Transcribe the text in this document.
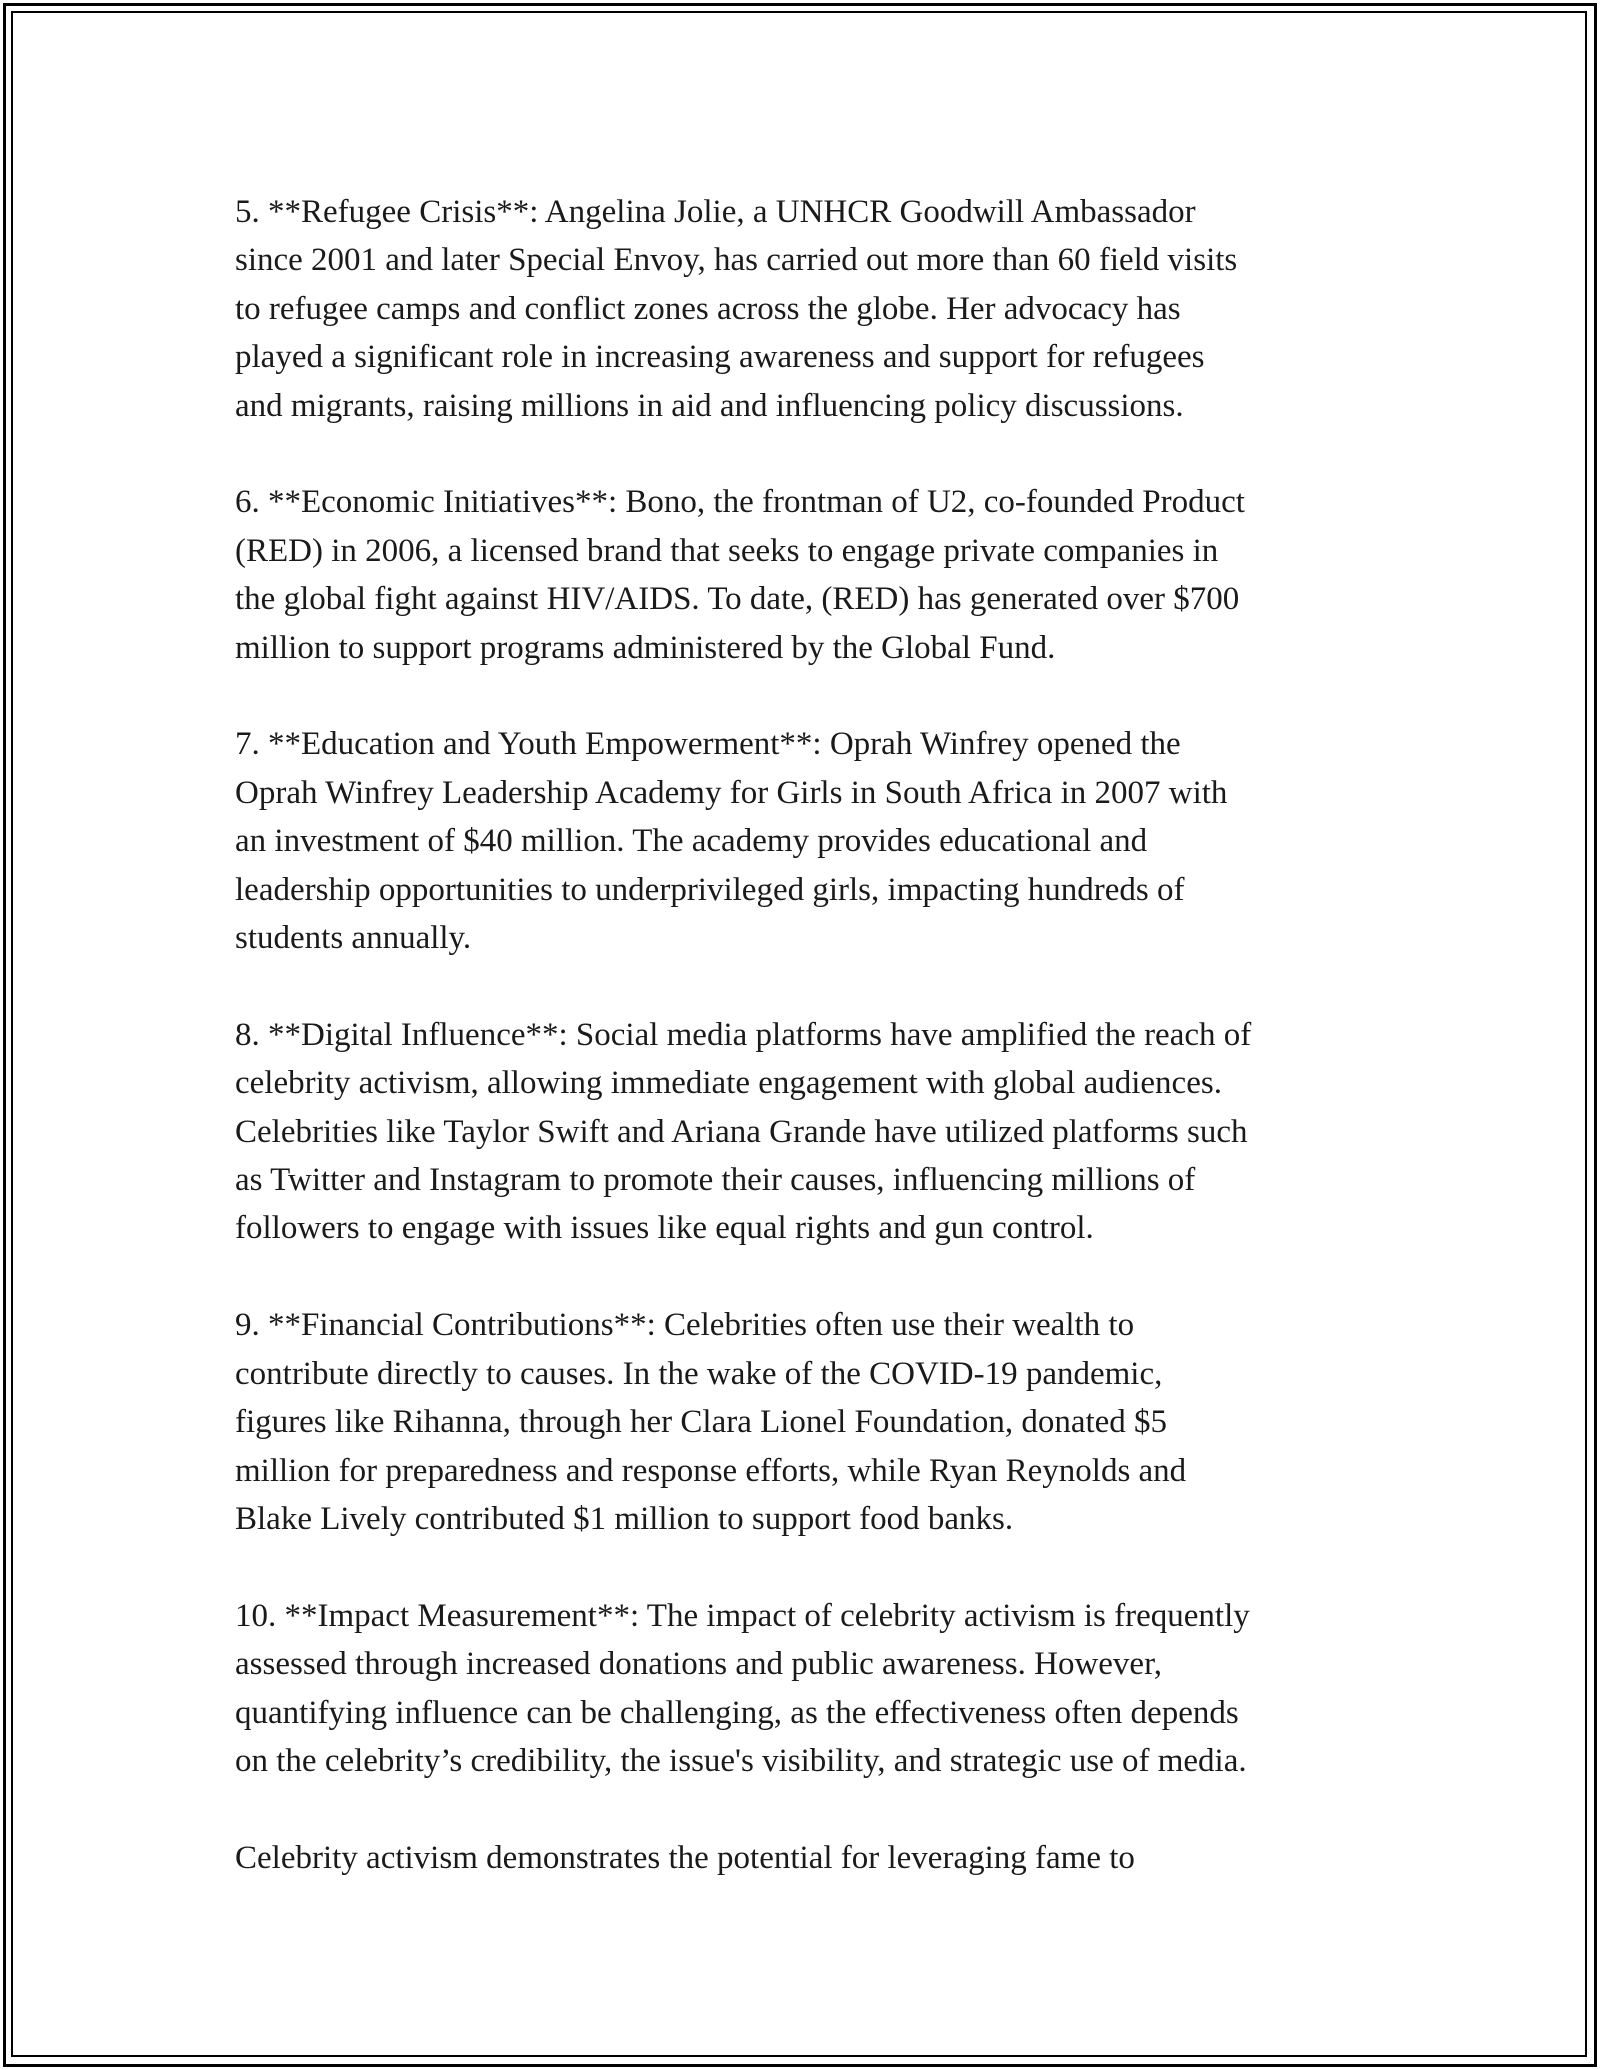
5. **Refugee Crisis**: Angelina Jolie, a UNHCR Goodwill Ambassador
since 2001 and later Special Envoy, has carried out more than 60 field visits
to refugee camps and conflict zones across the globe. Her advocacy has
played a significant role in increasing awareness and support for refugees
and migrants, raising millions in aid and influencing policy discussions.

6. **Economic Initiatives**: Bono, the frontman of U2, co-founded Product
(RED) in 2006, a licensed brand that seeks to engage private companies in
the global fight against HIV/AIDS. To date, (RED) has generated over $700
million to support programs administered by the Global Fund.

7. **Education and Youth Empowerment**: Oprah Winfrey opened the
Oprah Winfrey Leadership Academy for Girls in South Africa in 2007 with
an investment of $40 million. The academy provides educational and
leadership opportunities to underprivileged girls, impacting hundreds of
students annually.

8. **Digital Influence**: Social media platforms have amplified the reach of
celebrity activism, allowing immediate engagement with global audiences.
Celebrities like Taylor Swift and Ariana Grande have utilized platforms such
as Twitter and Instagram to promote their causes, influencing millions of
followers to engage with issues like equal rights and gun control.

9. **Financial Contributions**: Celebrities often use their wealth to
contribute directly to causes. In the wake of the COVID-19 pandemic,
figures like Rihanna, through her Clara Lionel Foundation, donated $5
million for preparedness and response efforts, while Ryan Reynolds and
Blake Lively contributed $1 million to support food banks.

10. **Impact Measurement**: The impact of celebrity activism is frequently
assessed through increased donations and public awareness. However,
quantifying influence can be challenging, as the effectiveness often depends
on the celebrity’s credibility, the issue's visibility, and strategic use of media.

Celebrity activism demonstrates the potential for leveraging fame to
